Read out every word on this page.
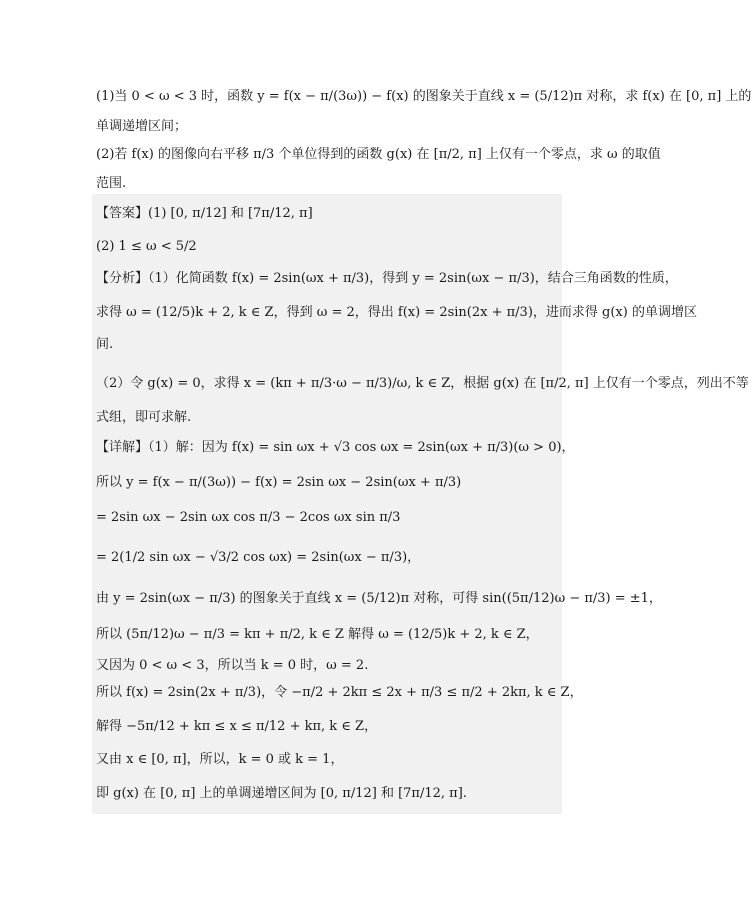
(1)当 0 < ω < 3 时，函数 y = f(x − π/(3ω)) − f(x) 的图象关于直线 x = (5/12)π 对称，求 f(x) 在 [0, π] 上的
单调递增区间；
(2)若 f(x) 的图像向右平移 π/3 个单位得到的函数 g(x) 在 [π/2, π] 上仅有一个零点，求 ω 的取值
范围.
【答案】(1) [0, π/12] 和 [7π/12, π]
(2) 1 ≤ ω < 5/2
【分析】（1）化简函数 f(x) = 2sin(ωx + π/3)，得到 y = 2sin(ωx − π/3)，结合三角函数的性质，
求得 ω = (12/5)k + 2, k ∈ Z，得到 ω = 2，得出 f(x) = 2sin(2x + π/3)，进而求得 g(x) 的单调增区
间.
（2）令 g(x) = 0，求得 x = (kπ + π/3·ω − π/3)/ω, k ∈ Z，根据 g(x) 在 [π/2, π] 上仅有一个零点，列出不等
式组，即可求解.
【详解】（1）解：因为 f(x) = sin ωx + √3 cos ωx = 2sin(ωx + π/3)(ω > 0)，
所以 y = f(x − π/(3ω)) − f(x) = 2sin ωx − 2sin(ωx + π/3)
= 2sin ωx − 2sin ωx cos π/3 − 2cos ωx sin π/3
= 2(1/2 sin ωx − √3/2 cos ωx) = 2sin(ωx − π/3)，
由 y = 2sin(ωx − π/3) 的图象关于直线 x = (5/12)π 对称，可得 sin((5π/12)ω − π/3) = ±1，
所以 (5π/12)ω − π/3 = kπ + π/2, k ∈ Z 解得 ω = (12/5)k + 2, k ∈ Z，
又因为 0 < ω < 3，所以当 k = 0 时，ω = 2.
所以 f(x) = 2sin(2x + π/3)，令 −π/2 + 2kπ ≤ 2x + π/3 ≤ π/2 + 2kπ, k ∈ Z，
解得 −5π/12 + kπ ≤ x ≤ π/12 + kπ, k ∈ Z，
又由 x ∈ [0, π]，所以，k = 0 或 k = 1，
即 g(x) 在 [0, π] 上的单调递增区间为 [0, π/12] 和 [7π/12, π].
